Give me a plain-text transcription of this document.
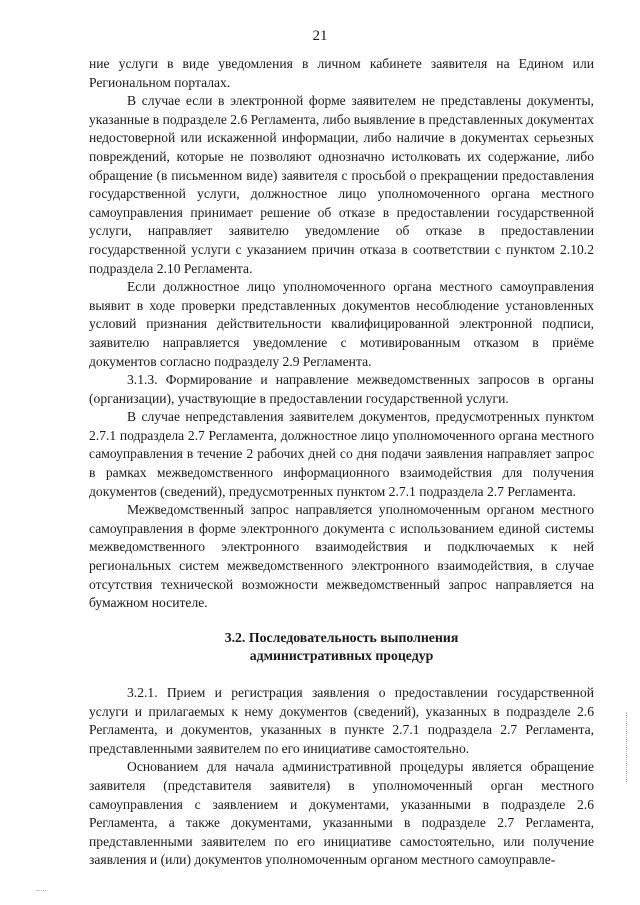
21

ние услуги в виде уведомления в личном кабинете заявителя на Едином или Региональном порталах.

В случае если в электронной форме заявителем не представлены документы, указанные в подразделе 2.6 Регламента, либо выявление в представленных документах недостоверной или искаженной информации, либо наличие в документах серьезных повреждений, которые не позволяют однозначно истолковать их содержание, либо обращение (в письменном виде) заявителя с просьбой о прекращении предоставления государственной услуги, должностное лицо уполномоченного органа местного самоуправления принимает решение об отказе в предоставлении государственной услуги, направляет заявителю уведомление об отказе в предоставлении государственной услуги с указанием причин отказа в соответствии с пунктом 2.10.2 подраздела 2.10 Регламента.

Если должностное лицо уполномоченного органа местного самоуправления выявит в ходе проверки представленных документов несоблюдение установленных условий признания действительности квалифицированной электронной подписи, заявителю направляется уведомление с мотивированным отказом в приёме документов согласно подразделу 2.9 Регламента.

3.1.3. Формирование и направление межведомственных запросов в органы (организации), участвующие в предоставлении государственной услуги.

В случае непредставления заявителем документов, предусмотренных пунктом 2.7.1 подраздела 2.7 Регламента, должностное лицо уполномоченного органа местного самоуправления в течение 2 рабочих дней со дня подачи заявления направляет запрос в рамках межведомственного информационного взаимодействия для получения документов (сведений), предусмотренных пунктом 2.7.1 подраздела 2.7 Регламента.

Межведомственный запрос направляется уполномоченным органом местного самоуправления в форме электронного документа с использованием единой системы межведомственного электронного взаимодействия и подключаемых к ней региональных систем межведомственного электронного взаимодействия, в случае отсутствия технической возможности межведомственный запрос направляется на бумажном носителе.

3.2. Последовательность выполнения
административных процедур

3.2.1. Прием и регистрация заявления о предоставлении государственной услуги и прилагаемых к нему документов (сведений), указанных в подразделе 2.6 Регламента, и документов, указанных в пункте 2.7.1 подраздела 2.7 Регламента, представленными заявителем по его инициативе самостоятельно.

Основанием для начала административной процедуры является обращение заявителя (представителя заявителя) в уполномоченный орган местного самоуправления с заявлением и документами, указанными в подразделе 2.6 Регламента, а также документами, указанными в подразделе 2.7 Регламента, представленными заявителем по его инициативе самостоятельно, или получение заявления и (или) документов уполномоченным органом местного самоуправле-
